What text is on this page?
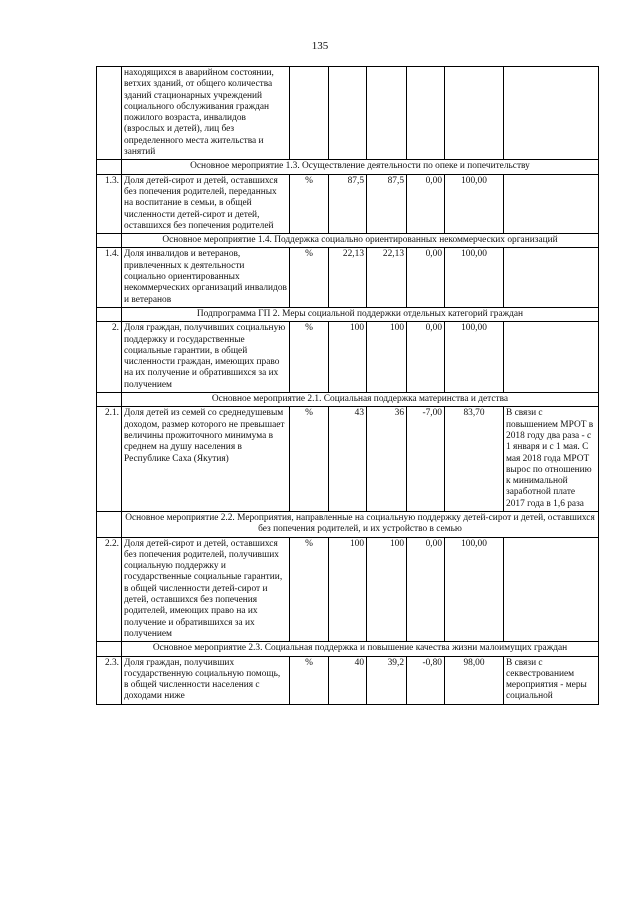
135
	находящихся в аварийном состоянии, ветхих зданий, от общего количества зданий стационарных учреждений социального обслуживания граждан пожилого возраста, инвалидов (взрослых и детей), лиц без определенного места жительства и занятий						
	Основное мероприятие 1.3. Осуществление деятельности по опеке и попечительству						
1.3.	Доля детей-сирот и детей, оставшихся без попечения родителей, переданных на воспитание в семьи, в общей численности детей-сирот и детей, оставшихся без попечения родителей	%	87,5	87,5	0,00	100,00	
	Основное мероприятие 1.4. Поддержка социально ориентированных некоммерческих организаций						
1.4.	Доля инвалидов и ветеранов, привлеченных к деятельности социально ориентированных некоммерческих организаций инвалидов и ветеранов	%	22,13	22,13	0,00	100,00	
	Подпрограмма ГП 2. Меры социальной поддержки отдельных категорий граждан						
2.	Доля граждан, получивших социальную поддержку и государственные социальные гарантии, в общей численности граждан, имеющих право на их получение и обратившихся за их получением	%	100	100	0,00	100,00	
	Основное мероприятие 2.1. Социальная поддержка материнства и детства						
2.1.	Доля детей из семей со среднедушевым доходом, размер которого не превышает величины прожиточного минимума в среднем на душу населения в Республике Саха (Якутия)	%	43	36	-7,00	83,70	В связи с повышением МРОТ в 2018 году два раза - с 1 января и с 1 мая. С мая 2018 года МРОТ вырос по отношению к минимальной заработной плате 2017 года в 1,6 раза
	Основное мероприятие 2.2. Мероприятия, направленные на социальную поддержку детей-сирот и детей, оставшихся без попечения родителей, и их устройство в семью						
2.2.	Доля детей-сирот и детей, оставшихся без попечения родителей, получивших социальную поддержку и государственные социальные гарантии, в общей численности детей-сирот и детей, оставшихся без попечения родителей, имеющих право на их получение и обратившихся за их получением	%	100	100	0,00	100,00	
	Основное мероприятие 2.3. Социальная поддержка и повышение качества жизни малоимущих граждан						
2.3.	Доля граждан, получивших государственную социальную помощь, в общей численности населения с доходами ниже	%	40	39,2	-0,80	98,00	В связи с секвестрованием мероприятия - меры социальной
